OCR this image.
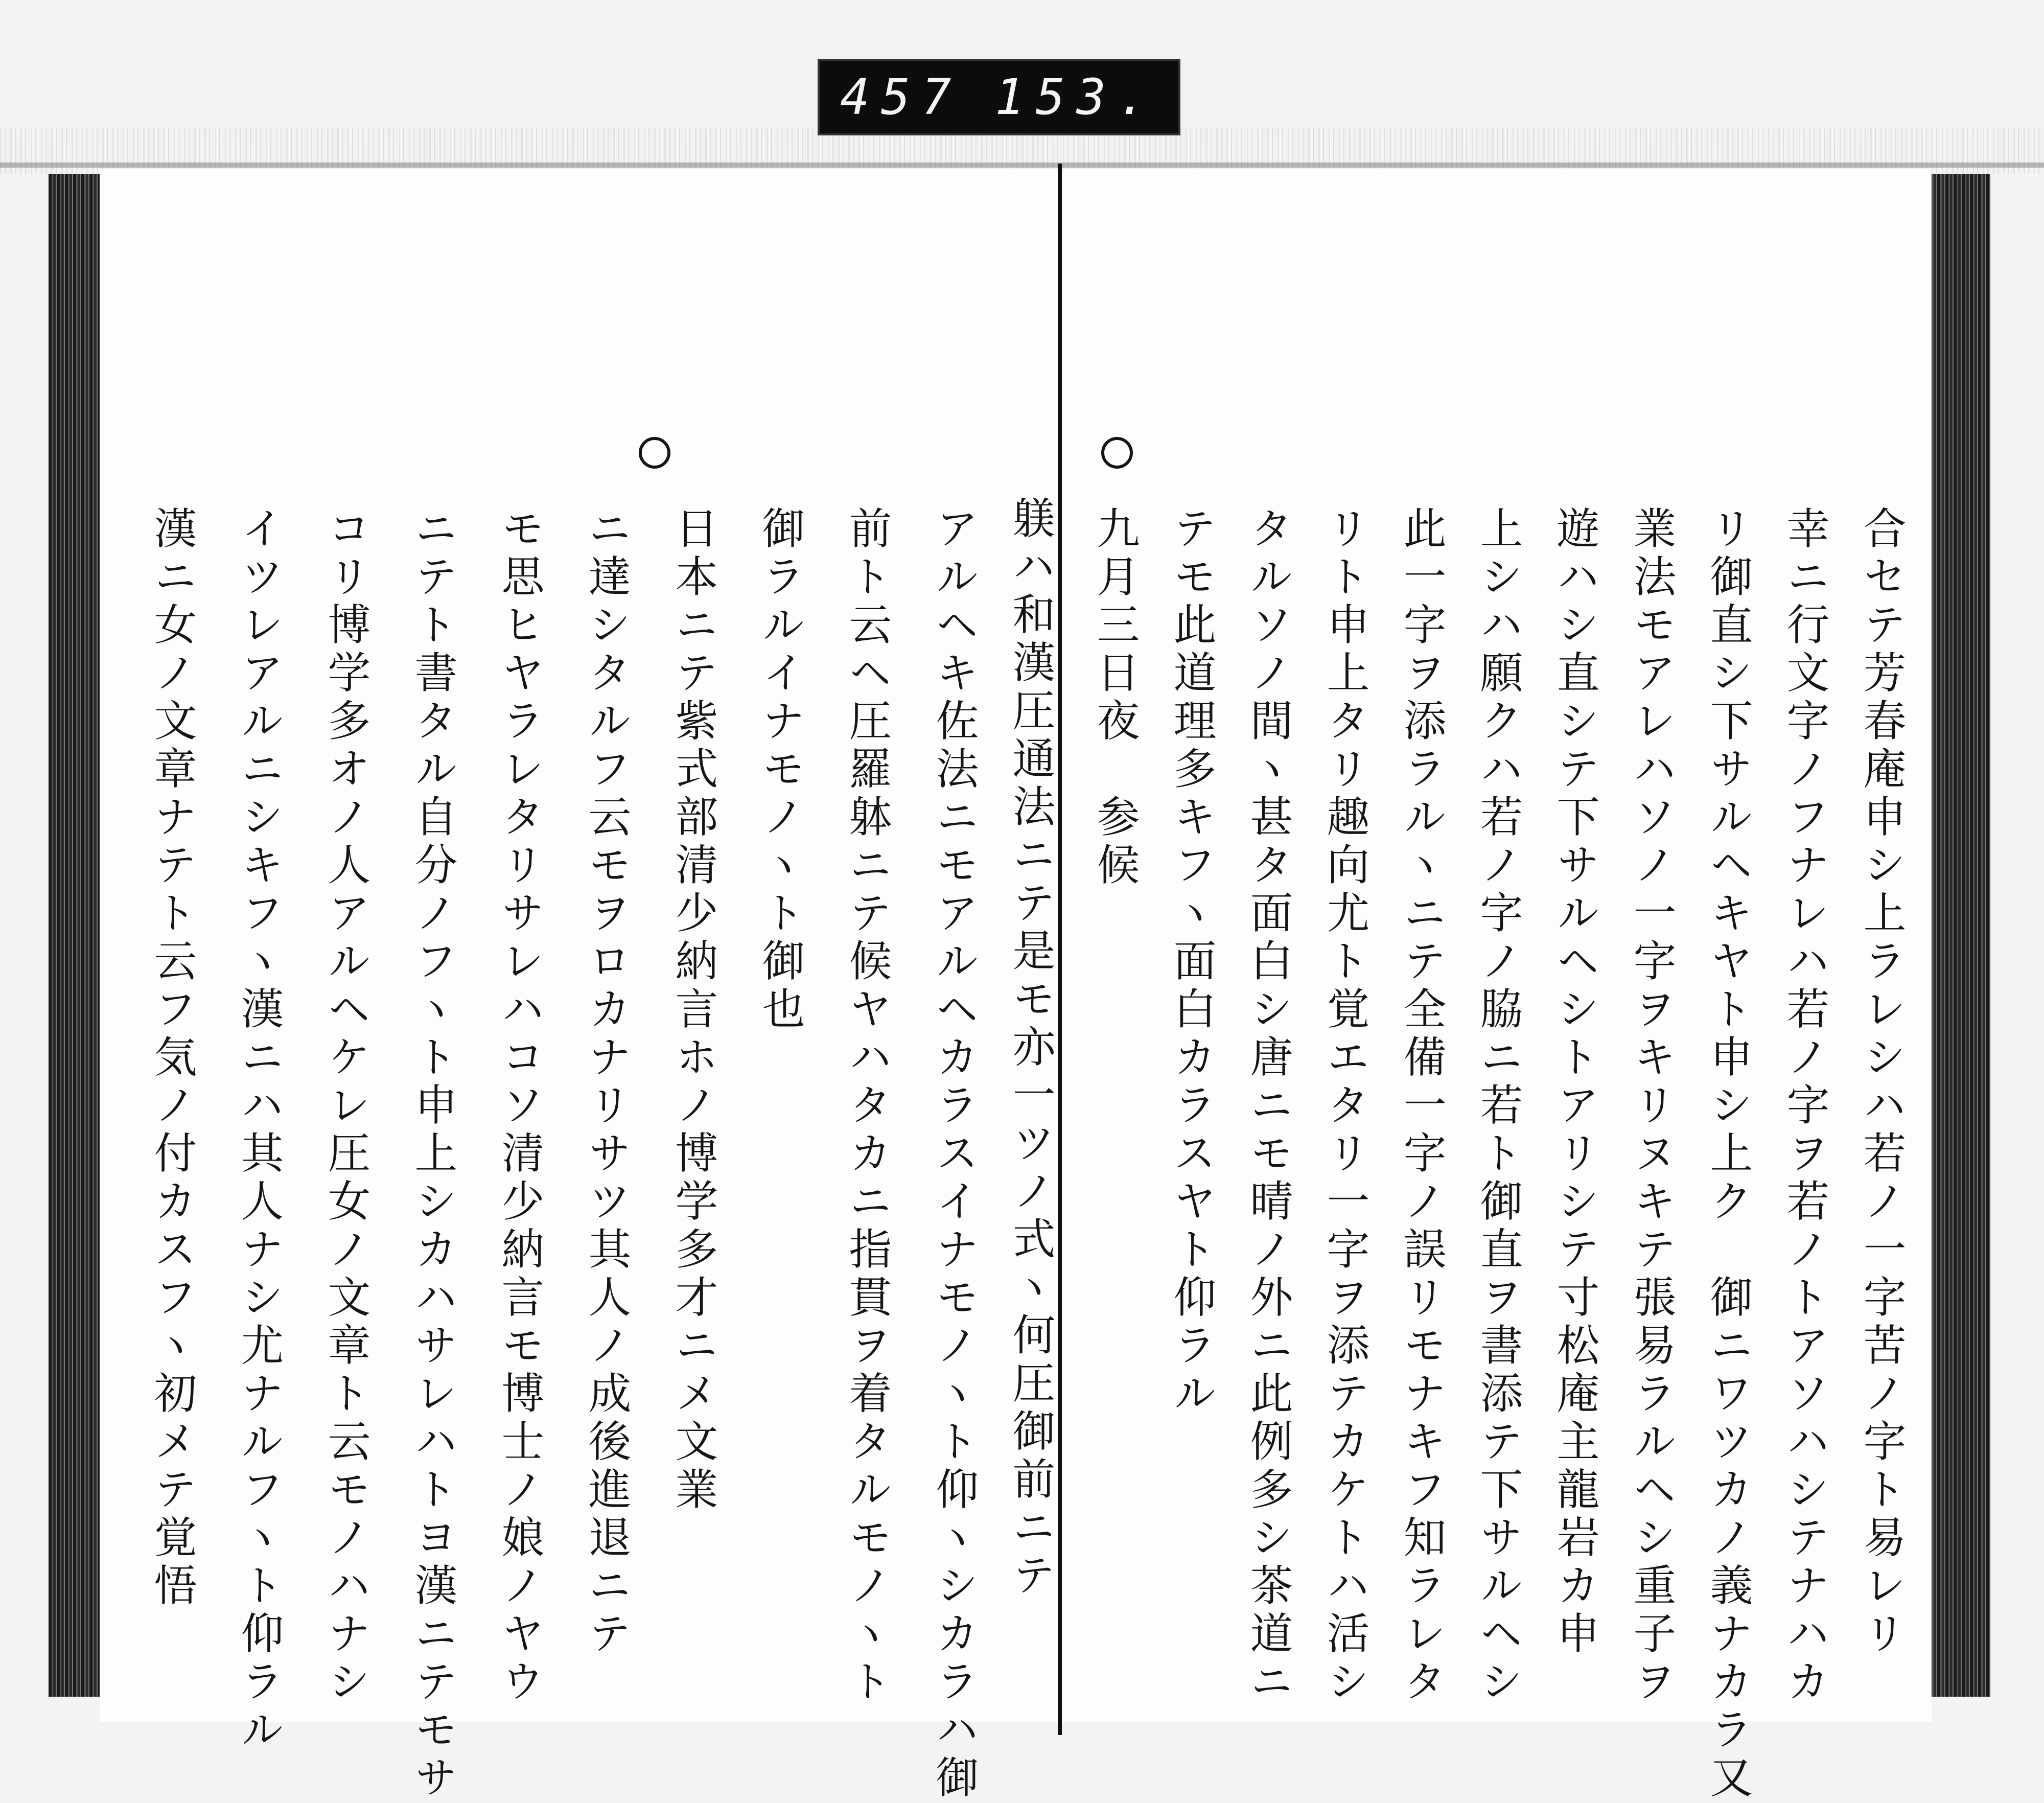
457 153.
漢ニ女ノ文章ナテト云フ気ノ付カスフヽ初メテ覚悟 イツレアルニシキフヽ漢ニハ其人ナシ尤ナルフヽト仰ラル コリ博学多オノ人アルヘケレ圧女ノ文章ト云モノハナシ ニテト書タル自分ノフヽト申上シカハサレハトヨ漢ニテモサ モ思ヒヤラレタリサレハコソ清少納言モ博士ノ娘ノヤウ ニ達シタルフ云モヲロカナリサツ其人ノ成後進退ニテ 日本ニテ紫式部清少納言ホノ博学多才ニメ文業 御ラルイナモノヽト御也 前ト云ヘ圧羅躰ニテ候ヤハタカニ指貫ヲ着タルモノヽト アルヘキ佐法ニモアルヘカラスイナモノヽト仰ヽシカラハ御 躾ハ和漢圧通法ニテ是モ亦一ツノ式ヽ何圧御前ニテ 九月三日夜　参候 テモ此道理多キフヽ面白カラスヤト仰ラル タルソノ間ヽ甚タ面白シ唐ニモ晴ノ外ニ此例多シ茶道ニ リト申上タリ趣向尤ト覚エタリ一字ヲ添テカケトハ活シ 此一字ヲ添ラルヽニテ全備一字ノ誤リモナキフ知ラレタ 上シハ願クハ若ノ字ノ脇ニ若ト御直ヲ書添テ下サルヘシ 遊ハシ直シテ下サルヘシトアリシテ寸松庵主龍岩カ申 業法モアレハソノ一字ヲキリヌキテ張易ラルヘシ重子ヲ リ御直シ下サルヘキヤト申シ上ク　御ニワツカノ義ナカラ又 幸ニ行文字ノフナレハ若ノ字ヲ若ノトアソハシテナハカ 合セテ芳春庵申シ上ラレシハ若ノ一字苦ノ字ト易レリ
